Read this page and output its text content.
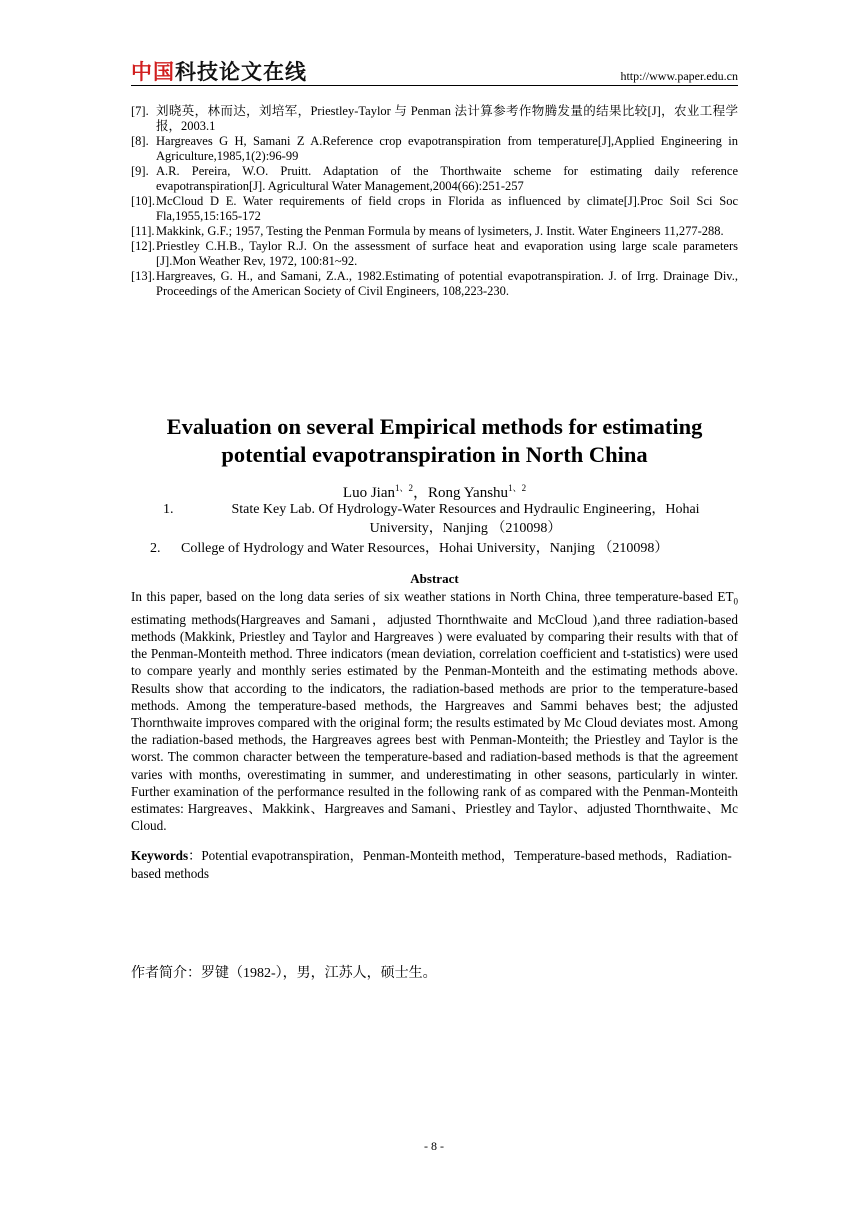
中国科技论文在线	http://www.paper.edu.cn
[7]. 刘晓英，林而达，刘培军，Priestley-Taylor 与 Penman 法计算参考作物腾发量的结果比较[J]，农业工程学报，2003.1
[8]. Hargreaves G H, Samani Z A.Reference crop evapotranspiration from temperature[J],Applied Engineering in Agriculture,1985,1(2):96-99
[9]. A.R. Pereira, W.O. Pruitt. Adaptation of the Thorthwaite scheme for estimating daily reference evapotranspiration[J]. Agricultural Water Management,2004(66):251-257
[10]. McCloud D E. Water requirements of field crops in Florida as influenced by climate[J].Proc Soil Sci Soc Fla,1955,15:165-172
[11]. Makkink, G.F.; 1957, Testing the Penman Formula by means of lysimeters, J. Instit. Water Engineers 11,277-288.
[12]. Priestley C.H.B., Taylor R.J. On the assessment of surface heat and evaporation using large scale parameters [J].Mon Weather Rev, 1972, 100:81~92.
[13]. Hargreaves, G. H., and Samani, Z.A., 1982.Estimating of potential evapotranspiration. J. of Irrg. Drainage Div., Proceedings of the American Society of Civil Engineers, 108,223-230.
Evaluation on several Empirical methods for estimating
potential evapotranspiration in North China
Luo Jian$^{1、2}$，Rong Yanshu$^{1、2}$
1.	State Key Lab. Of Hydrology-Water Resources and Hydraulic Engineering，Hohai
University，Nanjing （210098）
2. College of Hydrology and Water Resources，Hohai University，Nanjing （210098）
Abstract
In this paper, based on the long data series of six weather stations in North China, three temperature-based $ET_0$ estimating methods(Hargreaves and Samani，adjusted Thornthwaite and McCloud ),and three radiation-based methods (Makkink, Priestley and Taylor and Hargreaves ) were evaluated by comparing their results with that of the Penman-Monteith method. Three indicators (mean deviation, correlation coefficient and t-statistics) were used to compare yearly and monthly series estimated by the Penman-Monteith and the estimating methods above. Results show that according to the indicators, the radiation-based methods are prior to the temperature-based methods. Among the temperature-based methods, the Hargreaves and Sammi behaves best; the adjusted Thornthwaite improves compared with the original form; the results estimated by Mc Cloud deviates most. Among the radiation-based methods, the Hargreaves agrees best with Penman-Monteith; the Priestley and Taylor is the worst. The common character between the temperature-based and radiation-based methods is that the agreement varies with months, overestimating in summer, and underestimating in other seasons, particularly in winter. Further examination of the performance resulted in the following rank of as compared with the Penman-Monteith estimates: Hargreaves、Makkink、Hargreaves and Samani、Priestley and Taylor、adjusted Thornthwaite、Mc Cloud.
Keywords：Potential evapotranspiration，Penman-Monteith method，Temperature-based methods，Radiation-based methods
作者简介：罗键（1982-），男，江苏人，硕士生。
- 8 -
